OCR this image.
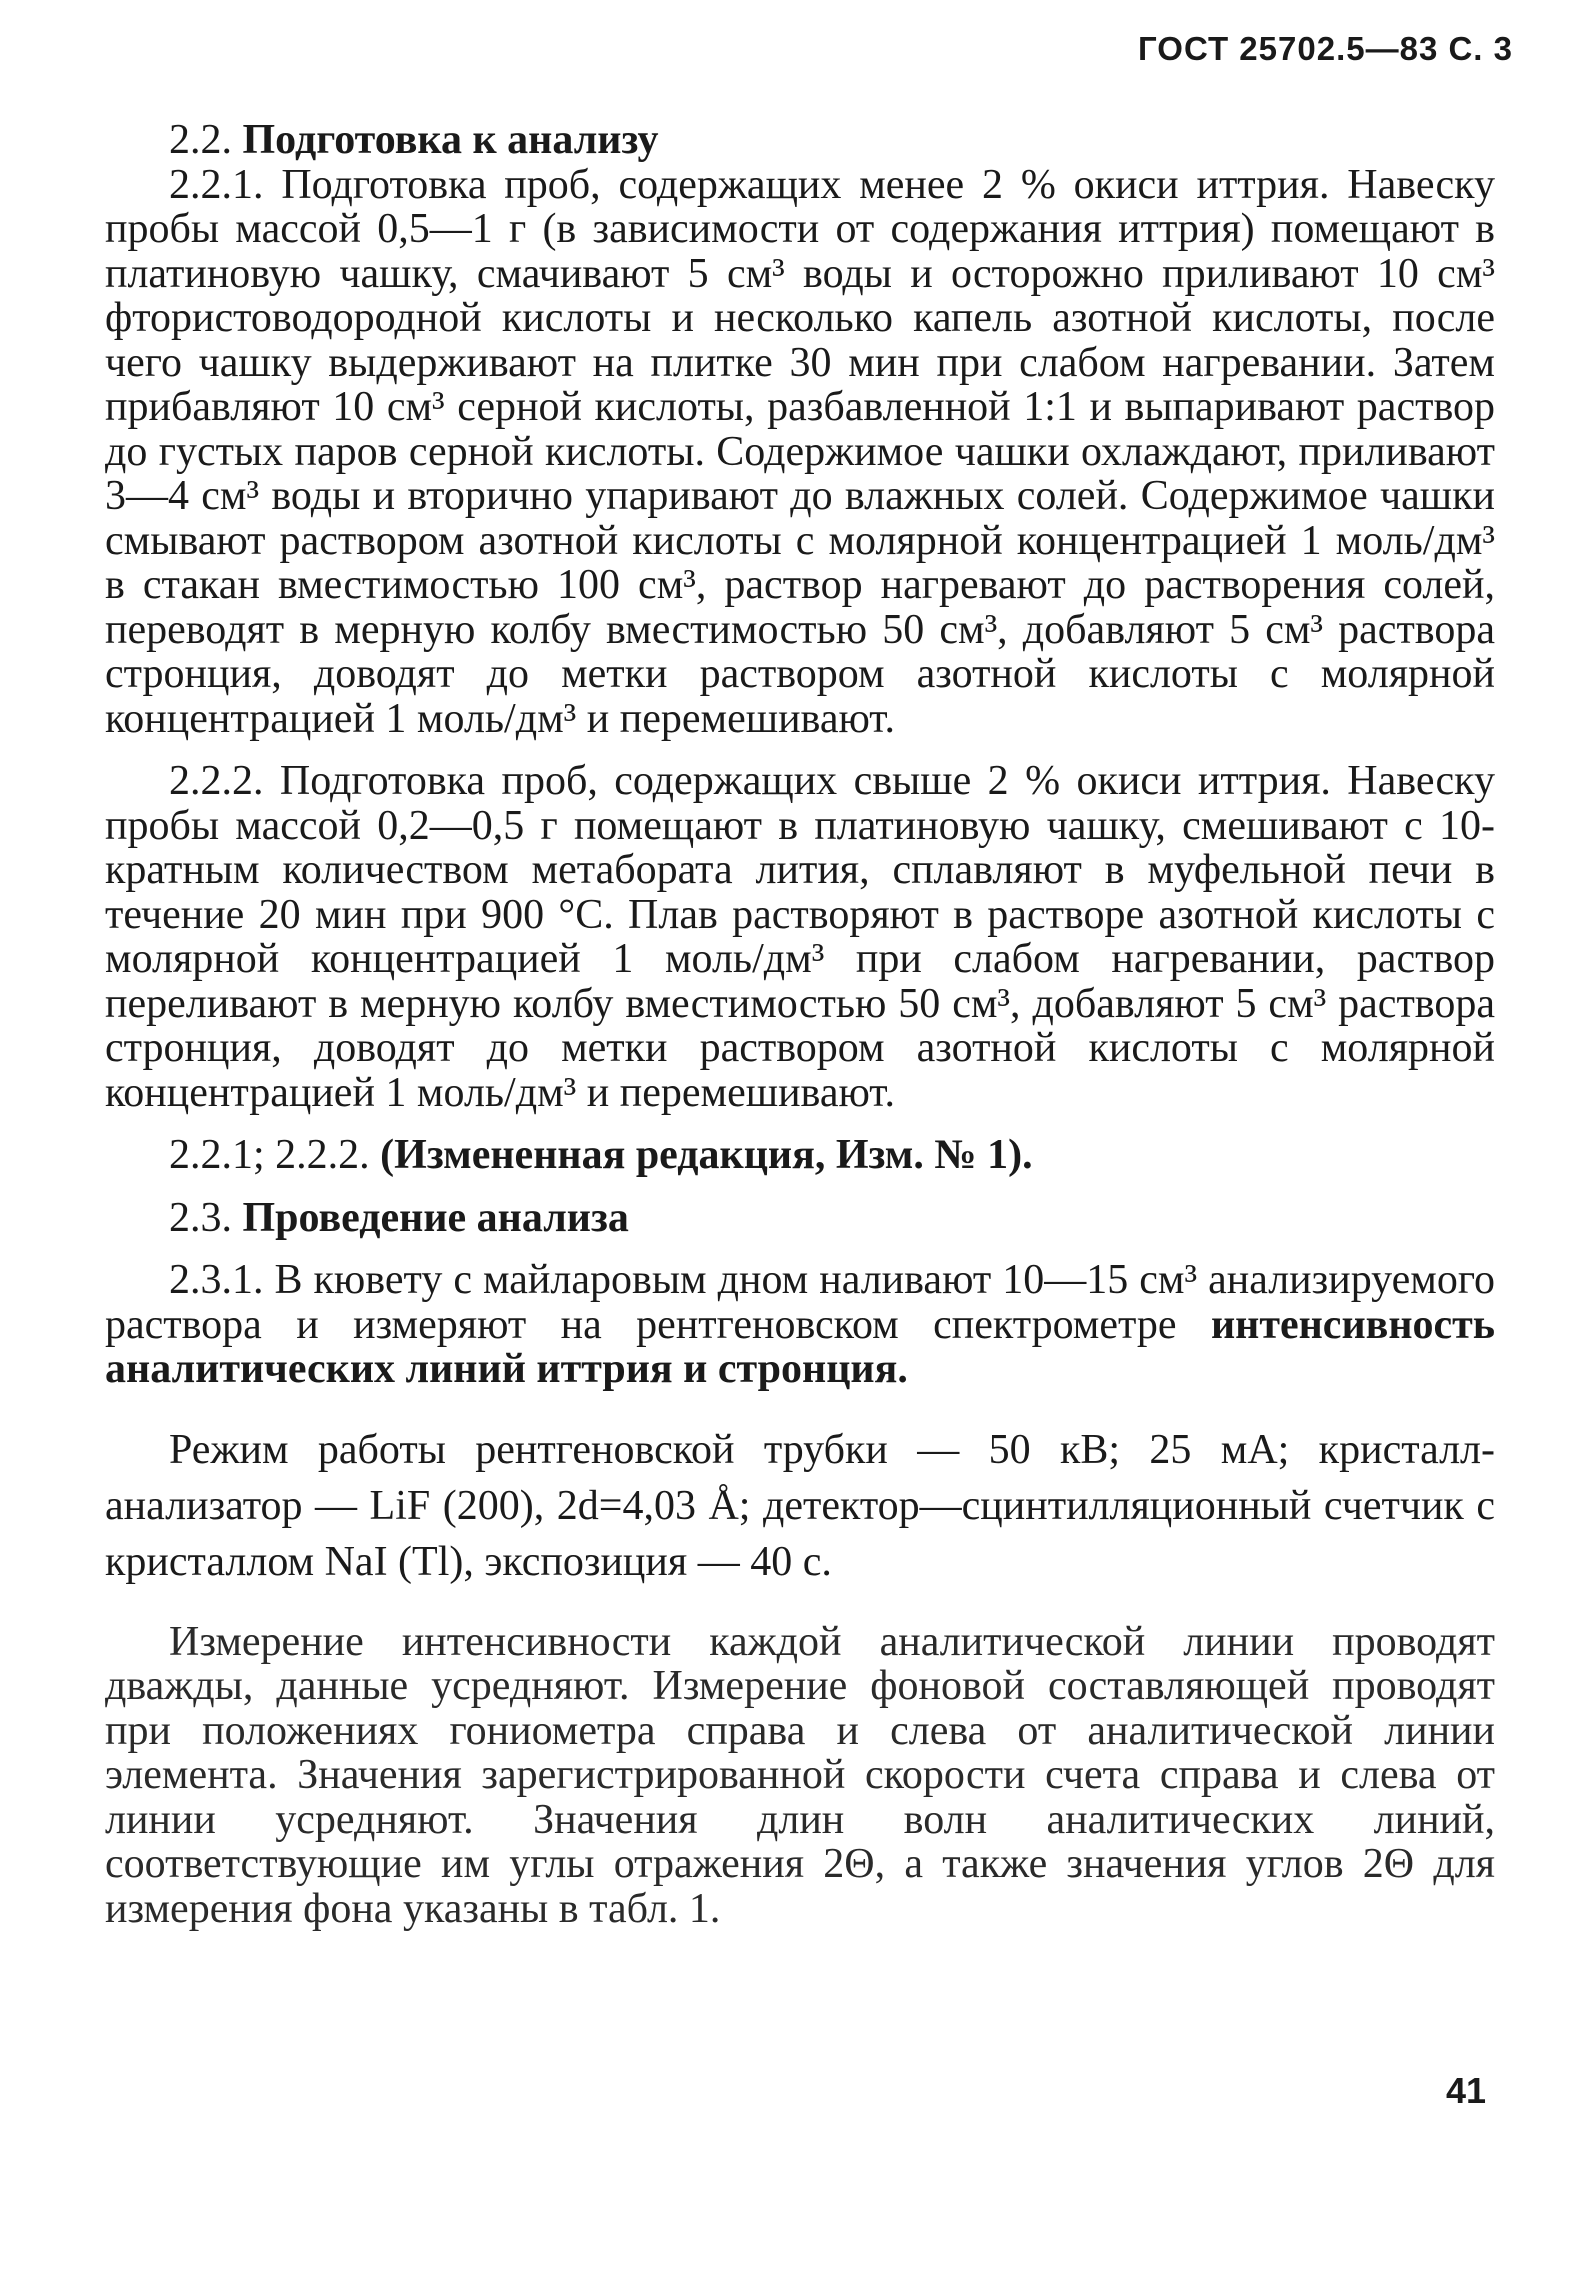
ГОСТ 25702.5—83 С. 3

2.2. Подготовка к анализу

2.2.1. Подготовка проб, содержащих менее 2 % окиси иттрия. Навеску пробы массой 0,5—1 г (в зависимости от содержания иттрия) помещают в платиновую чашку, смачивают 5 см³ воды и осторожно приливают 10 см³ фтористоводородной кислоты и несколько капель азотной кислоты, после чего чашку выдерживают на плитке 30 мин при слабом нагревании. Затем прибавляют 10 см³ серной кислоты, разбавленной 1:1 и выпаривают раствор до густых паров серной кислоты. Содержимое чашки охлаждают, приливают 3—4 см³ воды и вторично упаривают до влажных солей. Содержимое чашки смывают раствором азотной кислоты с молярной концентрацией 1 моль/дм³ в стакан вместимостью 100 см³, раствор нагревают до растворения солей, переводят в мерную колбу вместимостью 50 см³, добавляют 5 см³ раствора стронция, доводят до метки раствором азотной кислоты с молярной концентрацией 1 моль/дм³ и перемешивают.

2.2.2. Подготовка проб, содержащих свыше 2 % окиси иттрия. Навеску пробы массой 0,2—0,5 г помещают в платиновую чашку, смешивают с 10-кратным количеством метабората лития, сплавляют в муфельной печи в течение 20 мин при 900 °С. Плав растворяют в растворе азотной кислоты с молярной концентрацией 1 моль/дм³ при слабом нагревании, раствор переливают в мерную колбу вместимостью 50 см³, добавляют 5 см³ раствора стронция, доводят до метки раствором азотной кислоты с молярной концентрацией 1 моль/дм³ и перемешивают.

2.2.1; 2.2.2. (Измененная редакция, Изм. № 1).

2.3. Проведение анализа

2.3.1. В кювету с майларовым дном наливают 10—15 см³ анализируемого раствора и измеряют на рентгеновском спектрометре интенсивность аналитических линий иттрия и стронция.

Режим работы рентгеновской трубки — 50 кВ; 25 мА; кристалл-анализатор — LiF (200), 2d=4,03 Å; детектор—сцинтилляционный счетчик с кристаллом NaI (Tl), экспозиция — 40 с.

Измерение интенсивности каждой аналитической линии проводят дважды, данные усредняют. Измерение фоновой составляющей проводят при положениях гониометра справа и слева от аналитической линии элемента. Значения зарегистрированной скорости счета справа и слева от линии усредняют. Значения длин волн аналитических линий, соответствующие им углы отражения 2Θ, а также значения углов 2Θ для измерения фона указаны в табл. 1.

41
